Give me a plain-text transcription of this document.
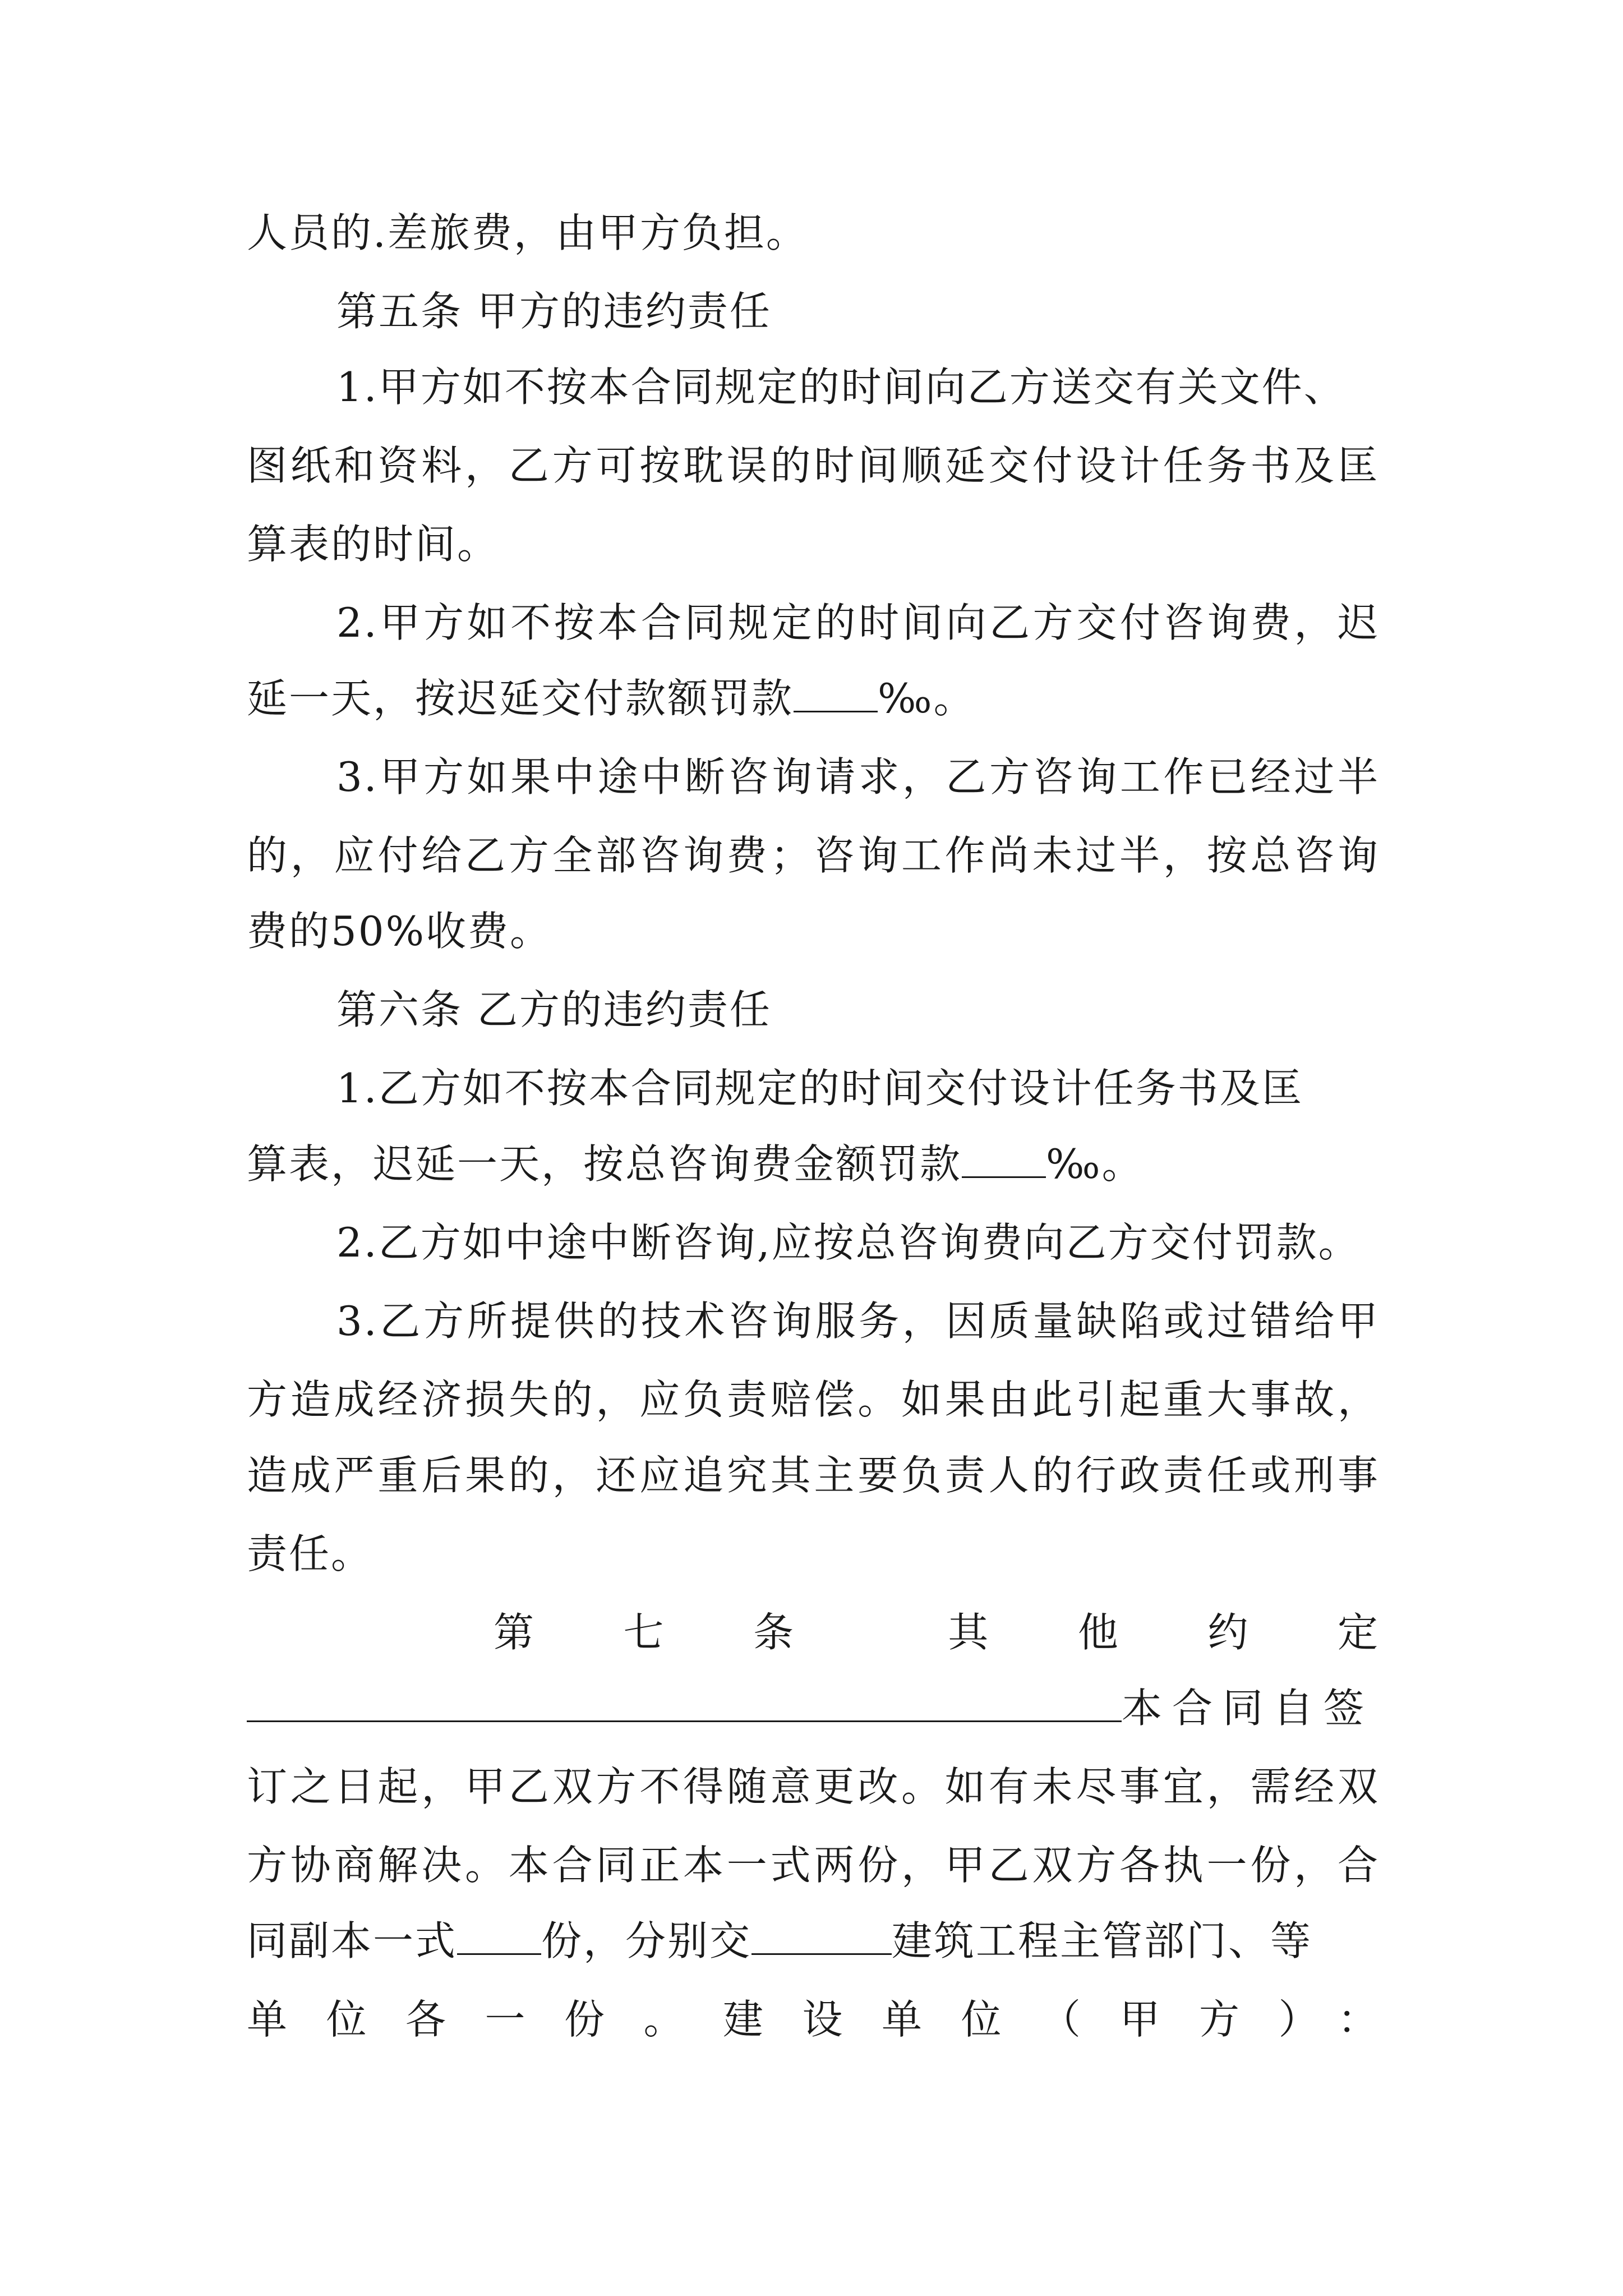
人员的.差旅费，由甲方负担。
第五条 甲方的违约责任
1.甲方如不按本合同规定的时间向乙方送交有关文件、
图纸和资料，乙方可按耽误的时间顺延交付设计任务书及匡
算表的时间。
2.甲方如不按本合同规定的时间向乙方交付咨询费，迟
延一天，按迟延交付款额罚款 ‰。
3.甲方如果中途中断咨询请求，乙方咨询工作已经过半
的，应付给乙方全部咨询费；咨询工作尚未过半，按总咨询
费的50%收费。
第六条 乙方的违约责任
1.乙方如不按本合同规定的时间交付设计任务书及匡
算表，迟延一天，按总咨询费金额罚款 ‰。
2.乙方如中途中断咨询,应按总咨询费向乙方交付罚款。
3.乙方所提供的技术咨询服务，因质量缺陷或过错给甲
方造成经济损失的，应负责赔偿。如果由此引起重大事故，
造成严重后果的，还应追究其主要负责人的行政责任或刑事
责任。
第　七　条　　其　他　约　定
本合同自签
订之日起，甲乙双方不得随意更改。如有未尽事宜，需经双
方协商解决。本合同正本一式两份，甲乙双方各执一份，合
同副本一式 份，分别交	建筑工程主管部门、等
单位各一份。建设单位（甲方）：
